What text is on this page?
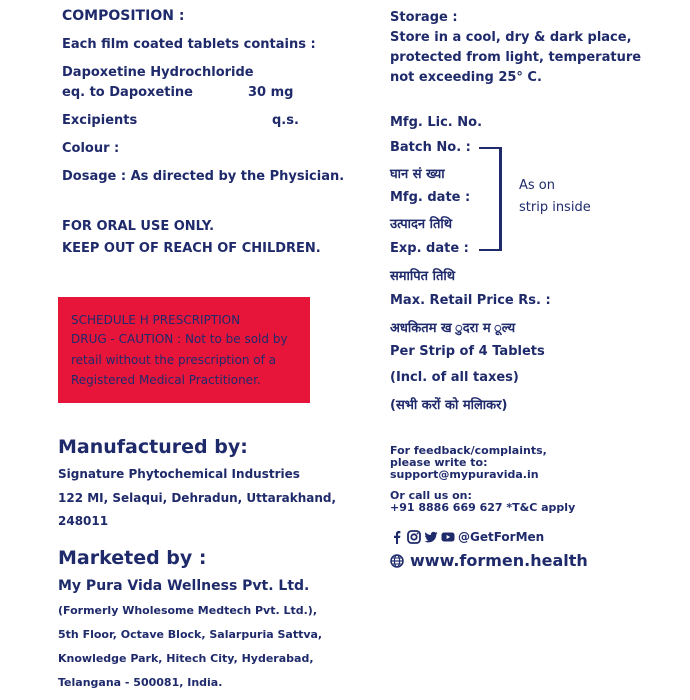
COMPOSITION :
Each film coated tablets contains :
Dapoxetine Hydrochloride
eq. to Dapoxetine	30 mg
Excipients	q.s.
Colour :
Dosage : As directed by the Physician.
FOR ORAL USE ONLY.
KEEP OUT OF REACH OF CHILDREN.
SCHEDULE H PRESCRIPTION
DRUG - CAUTION : Not to be sold by
retail without the prescription of a
Registered Medical Practitioner.
Manufactured by:
Signature Phytochemical Industries
122 MI, Selaqui, Dehradun, Uttarakhand,
248011
Marketed by :
My Pura Vida Wellness Pvt. Ltd.
(Formerly Wholesome Medtech Pvt. Ltd.),
5th Floor, Octave Block, Salarpuria Sattva,
Knowledge Park, Hitech City, Hyderabad,
Telangana - 500081, India.
Storage :
Store in a cool, dry & dark place,
protected from light, temperature
not exceeding 25° C.
Mfg. Lic. No.
Batch No. :
घान सं ख्या
Mfg. date :
उत्पादन तिथि
Exp. date :
समापित तिथि
As on
strip inside
Max. Retail Price Rs. :
अधकितम ख ुदरा म ूल्य
Per Strip of 4 Tablets
(Incl. of all taxes)
(सभी करों को मलिाकर)
For feedback/complaints,
please write to:
support@mypuravida.in
Or call us on:
+91 8886 669 627 *T&C apply
@GetForMen
www.formen.health
